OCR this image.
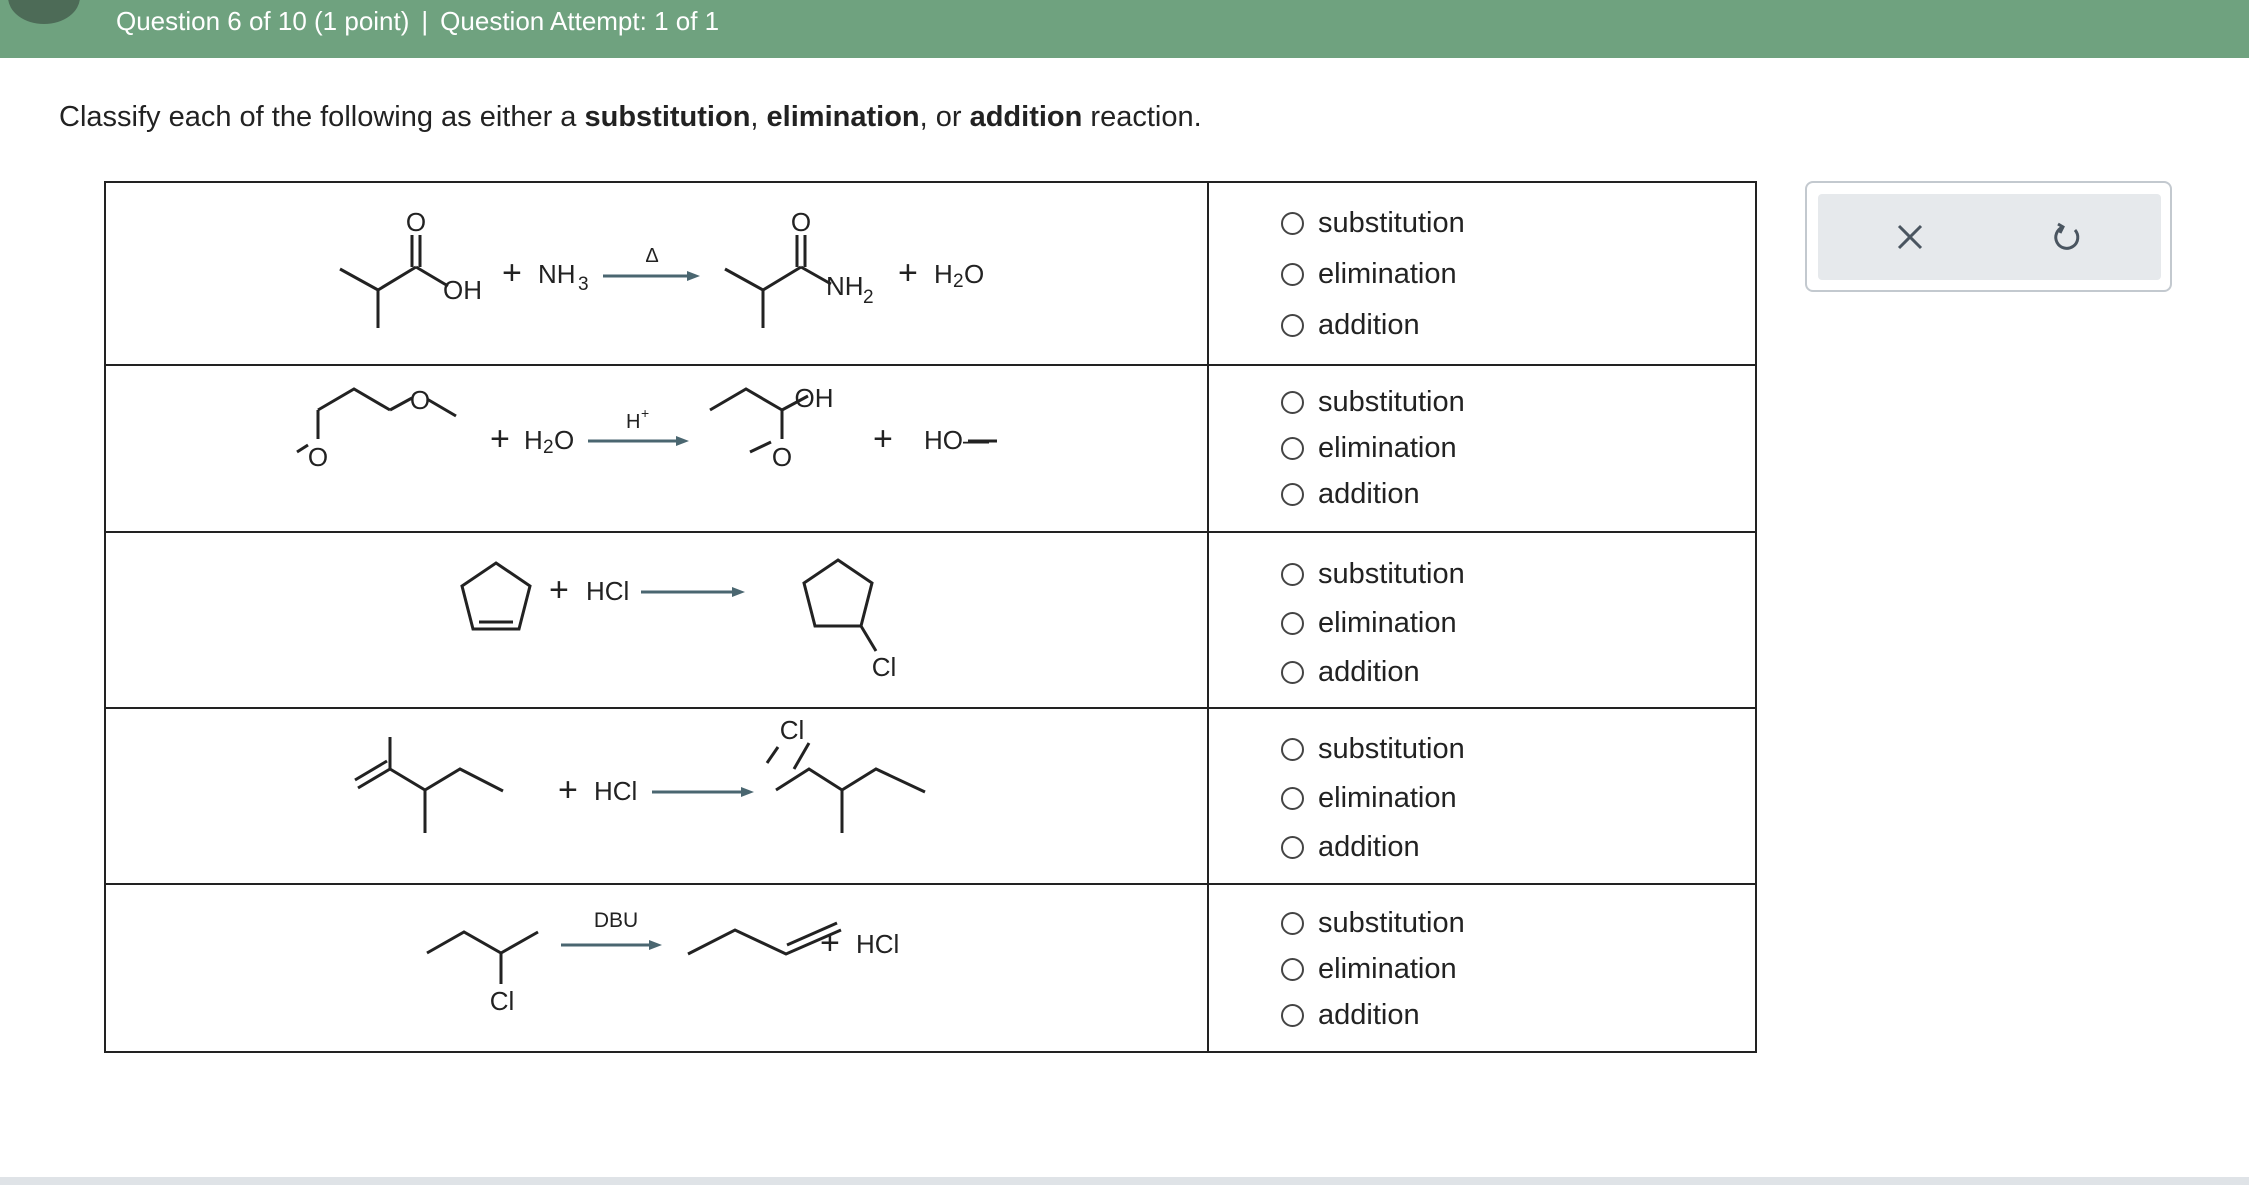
Question 6 of 10 (1 point) | Question Attempt: 1 of 1
Classify each of the following as either a substitution, elimination, or addition reaction.
O
OH + NH 3
Δ
O
NH 2
+ H 2 O
substitution
elimination
addition
O
O	+ H 2 O
H +	OH
O + HO—
substitution
elimination
addition
+ HCl
Cl
substitution
elimination
addition
+ HCl
Cl
substitution
elimination
addition
Cl
DBU
+ HCl
substitution
elimination
addition
